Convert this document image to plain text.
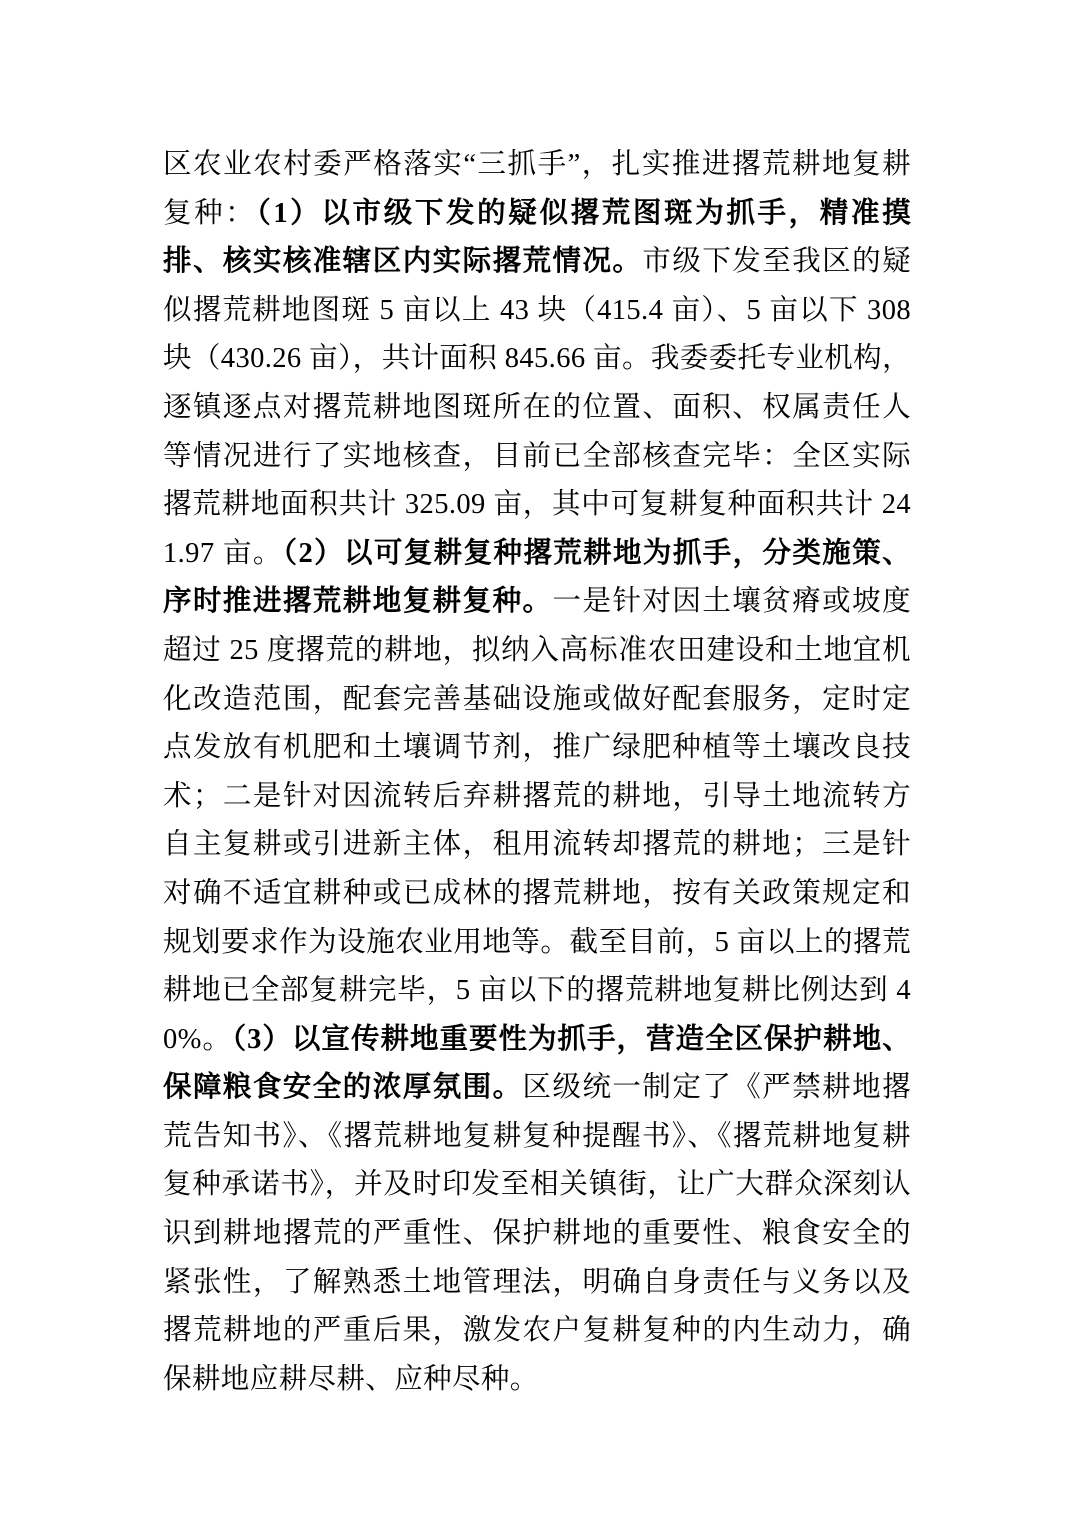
区农业农村委严格落实“三抓手”，扎实推进撂荒耕地复耕复种：（1）以市级下发的疑似撂荒图斑为抓手，精准摸排、核实核准辖区内实际撂荒情况。市级下发至我区的疑似撂荒耕地图斑 5 亩以上 43 块（415.4 亩）、5 亩以下 308 块（430.26 亩），共计面积 845.66 亩。我委委托专业机构，逐镇逐点对撂荒耕地图斑所在的位置、面积、权属责任人等情况进行了实地核查，目前已全部核查完毕：全区实际撂荒耕地面积共计 325.09 亩，其中可复耕复种面积共计 241.97 亩。（2）以可复耕复种撂荒耕地为抓手，分类施策、序时推进撂荒耕地复耕复种。一是针对因土壤贫瘠或坡度超过 25 度撂荒的耕地，拟纳入高标准农田建设和土地宜机化改造范围，配套完善基础设施或做好配套服务，定时定点发放有机肥和土壤调节剂，推广绿肥种植等土壤改良技术；二是针对因流转后弃耕撂荒的耕地，引导土地流转方自主复耕或引进新主体，租用流转却撂荒的耕地；三是针对确不适宜耕种或已成林的撂荒耕地，按有关政策规定和规划要求作为设施农业用地等。截至目前，5 亩以上的撂荒耕地已全部复耕完毕，5 亩以下的撂荒耕地复耕比例达到 40%。（3）以宣传耕地重要性为抓手，营造全区保护耕地、保障粮食安全的浓厚氛围。区级统一制定了《严禁耕地撂荒告知书》、《撂荒耕地复耕复种提醒书》、《撂荒耕地复耕复种承诺书》，并及时印发至相关镇街，让广大群众深刻认识到耕地撂荒的严重性、保护耕地的重要性、粮食安全的紧张性，了解熟悉土地管理法，明确自身责任与义务以及撂荒耕地的严重后果，激发农户复耕复种的内生动力，确保耕地应耕尽耕、应种尽种。
